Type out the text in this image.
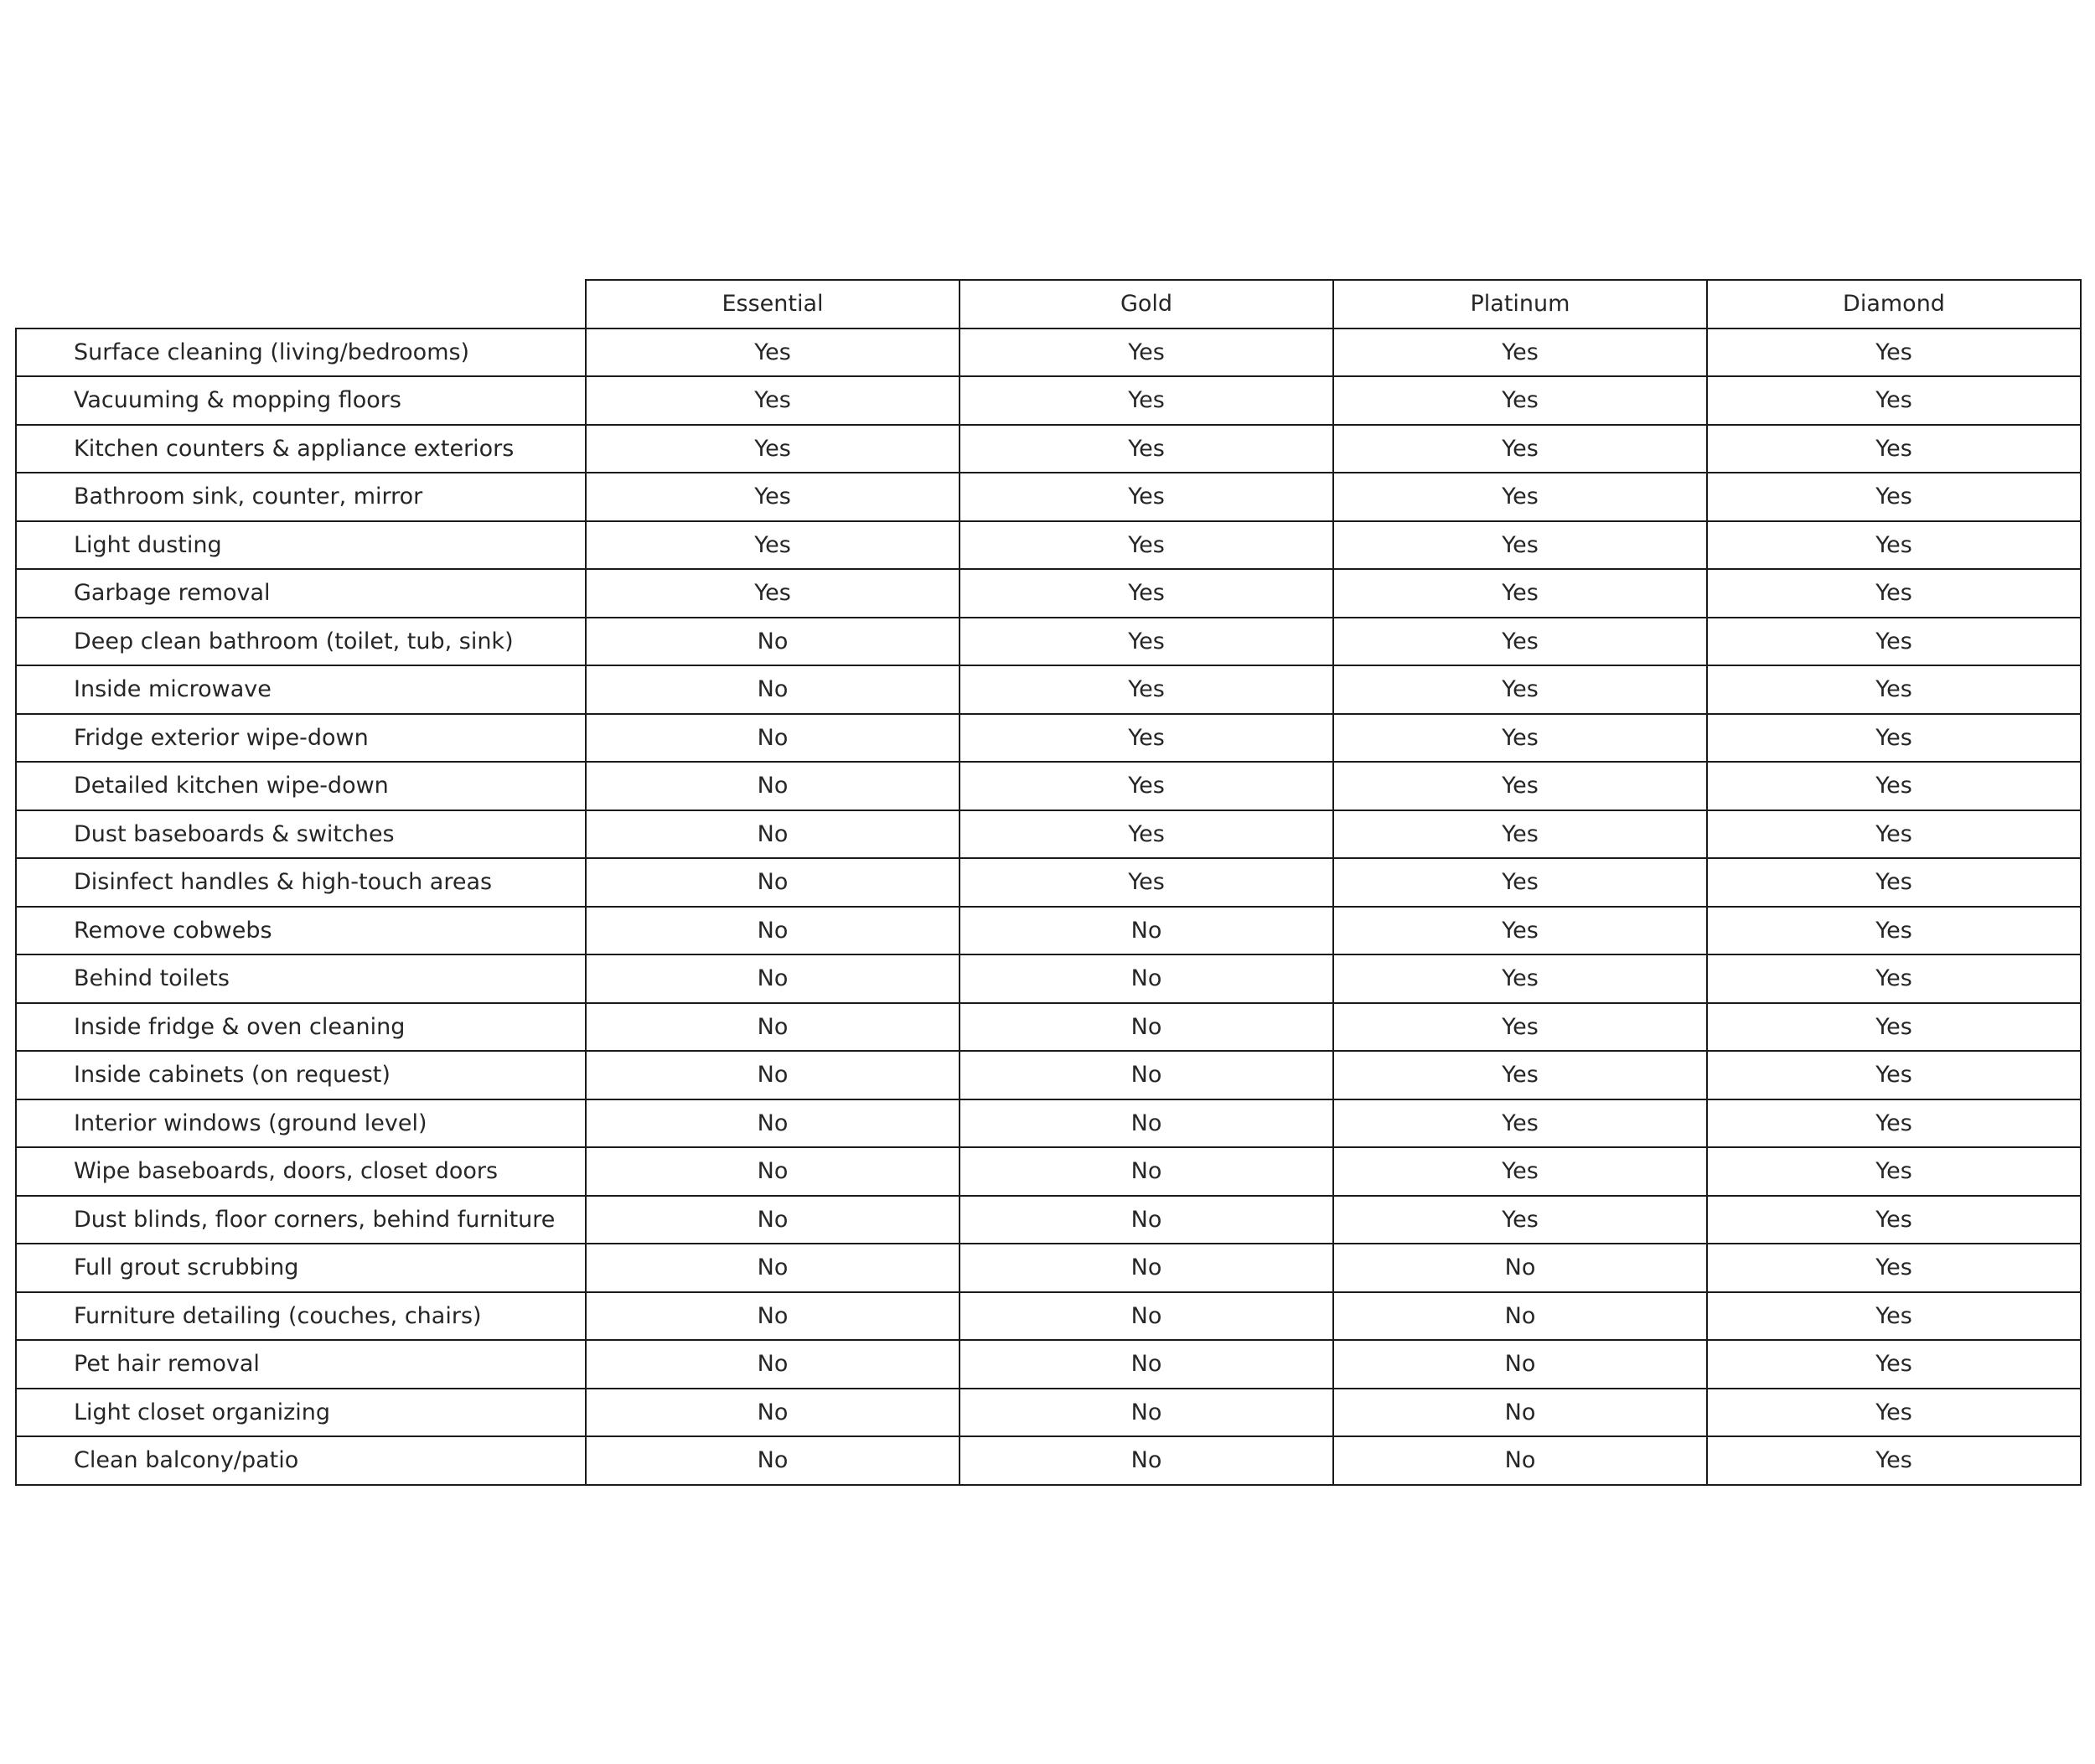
	Essential	Gold	Platinum	Diamond
Surface cleaning (living/bedrooms)	Yes	Yes	Yes	Yes
Vacuuming & mopping floors	Yes	Yes	Yes	Yes
Kitchen counters & appliance exteriors	Yes	Yes	Yes	Yes
Bathroom sink, counter, mirror	Yes	Yes	Yes	Yes
Light dusting	Yes	Yes	Yes	Yes
Garbage removal	Yes	Yes	Yes	Yes
Deep clean bathroom (toilet, tub, sink)	No	Yes	Yes	Yes
Inside microwave	No	Yes	Yes	Yes
Fridge exterior wipe-down	No	Yes	Yes	Yes
Detailed kitchen wipe-down	No	Yes	Yes	Yes
Dust baseboards & switches	No	Yes	Yes	Yes
Disinfect handles & high-touch areas	No	Yes	Yes	Yes
Remove cobwebs	No	No	Yes	Yes
Behind toilets	No	No	Yes	Yes
Inside fridge & oven cleaning	No	No	Yes	Yes
Inside cabinets (on request)	No	No	Yes	Yes
Interior windows (ground level)	No	No	Yes	Yes
Wipe baseboards, doors, closet doors	No	No	Yes	Yes
Dust blinds, floor corners, behind furniture	No	No	Yes	Yes
Full grout scrubbing	No	No	No	Yes
Furniture detailing (couches, chairs)	No	No	No	Yes
Pet hair removal	No	No	No	Yes
Light closet organizing	No	No	No	Yes
Clean balcony/patio	No	No	No	Yes
